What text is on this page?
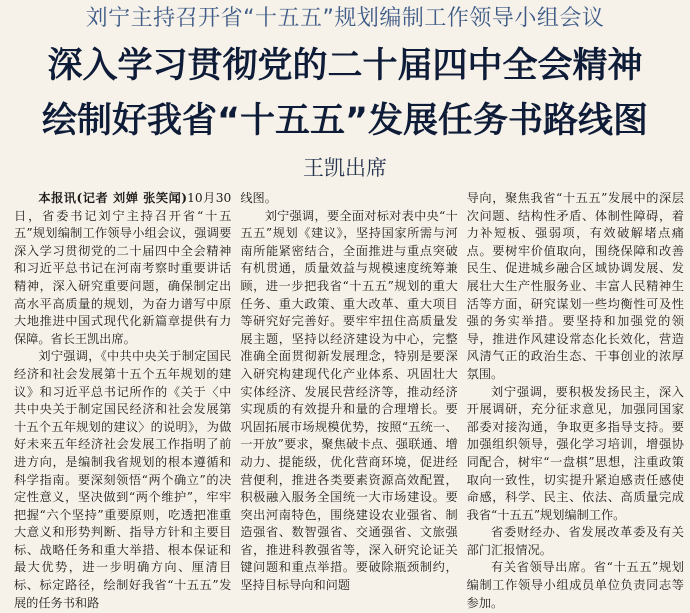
刘宁主持召开省“十五五”规划编制工作领导小组会议
深入学习贯彻党的二十届四中全会精神
绘制好我省“十五五”发展任务书路线图
王凯出席

本报讯(记者 刘婵 张笑闻)10月30日，省委书记刘宁主持召开省“十五五”规划编制工作领导小组会议，强调要深入学习贯彻党的二十届四中全会精神和习近平总书记在河南考察时重要讲话精神，深入研究重要问题，确保制定出高水平高质量的规划，为奋力谱写中原大地推进中国式现代化新篇章提供有力保障。省长王凯出席。

刘宁强调，《中共中央关于制定国民经济和社会发展第十五个五年规划的建议》和习近平总书记所作的《关于〈中共中央关于制定国民经济和社会发展第十五个五年规划的建议〉的说明》，为做好未来五年经济社会发展工作指明了前进方向，是编制我省规划的根本遵循和科学指南。要深刻领悟“两个确立”的决定性意义，坚决做到“两个维护”，牢牢把握“六个坚持”重要原则，吃透把准重大意义和形势判断、指导方针和主要目标、战略任务和重大举措、根本保证和最大优势，进一步明确方向、厘清目标、标定路径，绘制好我省“十五五”发展的任务书和路

线图。

刘宁强调，要全面对标对表中央“十五五”规划《建议》，坚持国家所需与河南所能紧密结合，全面推进与重点突破有机贯通，质量效益与规模速度统筹兼顾，进一步把我省“十五五”规划的重大任务、重大政策、重大改革、重大项目等研究好完善好。要牢牢扭住高质量发展主题，坚持以经济建设为中心，完整准确全面贯彻新发展理念，特别是要深入研究构建现代化产业体系、巩固壮大实体经济、发展民营经济等，推动经济实现质的有效提升和量的合理增长。要巩固拓展市场规模优势，按照“五统一、一开放”要求，聚焦破卡点、强联通、增动力、提能级，优化营商环境，促进经营便利，推进各类要素资源高效配置，积极融入服务全国统一大市场建设。要突出河南特色，围绕建设农业强省、制造强省、数智强省、交通强省、文旅强省，推进科教强省等，深入研究论证关键问题和重点举措。要破除瓶颈制约，坚持目标导向和问题

导向，聚焦我省“十五五”发展中的深层次问题、结构性矛盾、体制性障碍，着力补短板、强弱项，有效破解堵点痛点。要树牢价值取向，围绕保障和改善民生、促进城乡融合区域协调发展、发展壮大生产性服务业、丰富人民精神生活等方面，研究谋划一些均衡性可及性强的务实举措。要坚持和加强党的领导，推进作风建设常态化长效化，营造风清气正的政治生态、干事创业的浓厚氛围。

刘宁强调，要积极发扬民主，深入开展调研，充分征求意见，加强同国家部委对接沟通，争取更多指导支持。要加强组织领导，强化学习培训，增强协同配合，树牢“一盘棋”思想，注重政策取向一致性，切实提升紧迫感责任感使命感，科学、民主、依法、高质量完成我省“十五五”规划编制工作。

省委财经办、省发展改革委及有关部门汇报情况。

有关省领导出席。省“十五五”规划编制工作领导小组成员单位负责同志等参加。
